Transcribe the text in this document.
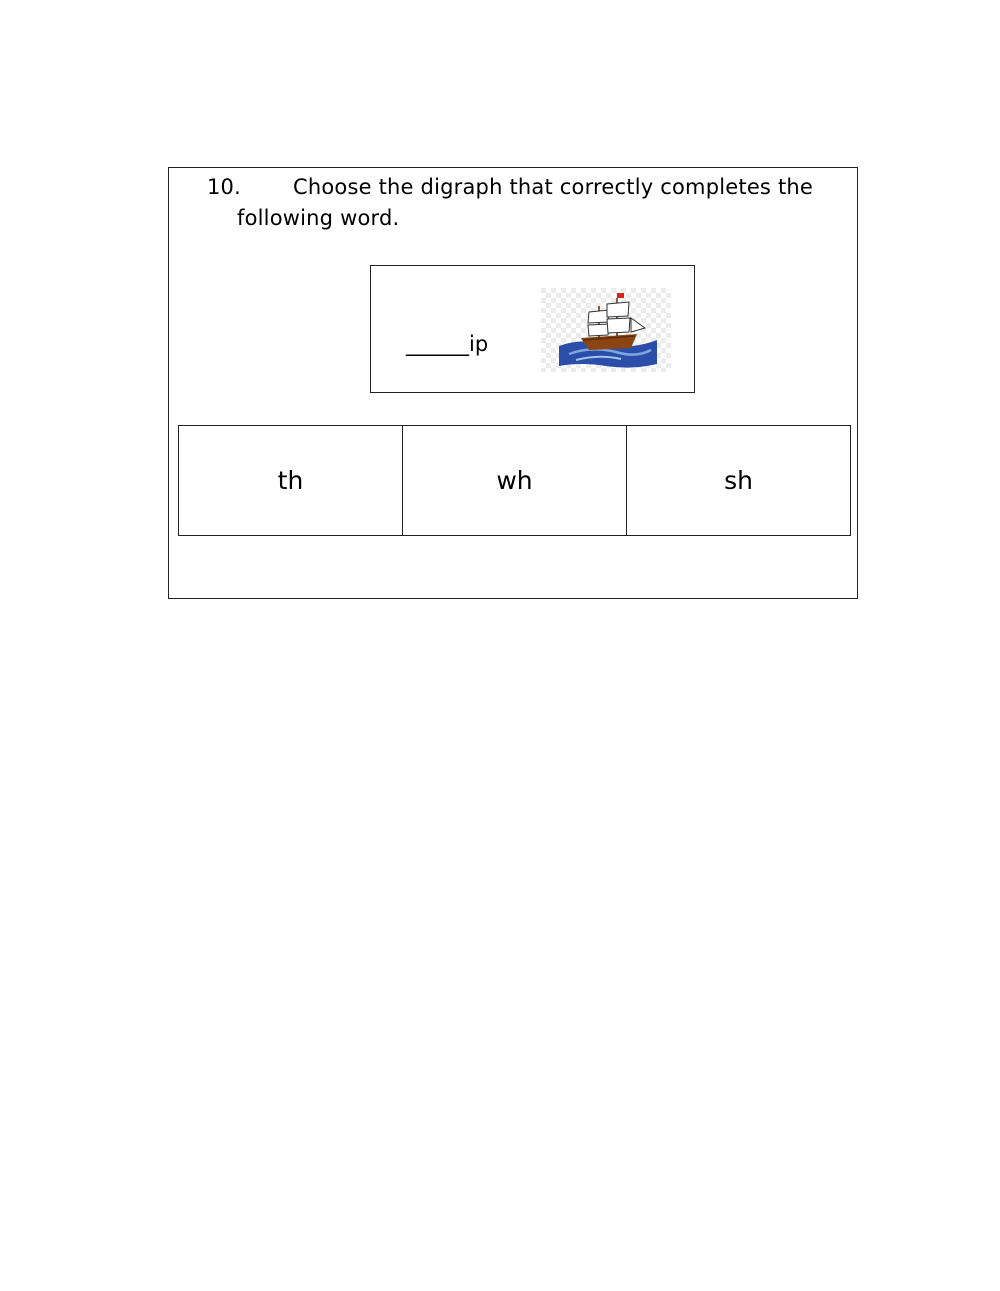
10. Choose the digraph that correctly completes the
following word.
______ip
th	wh	sh
